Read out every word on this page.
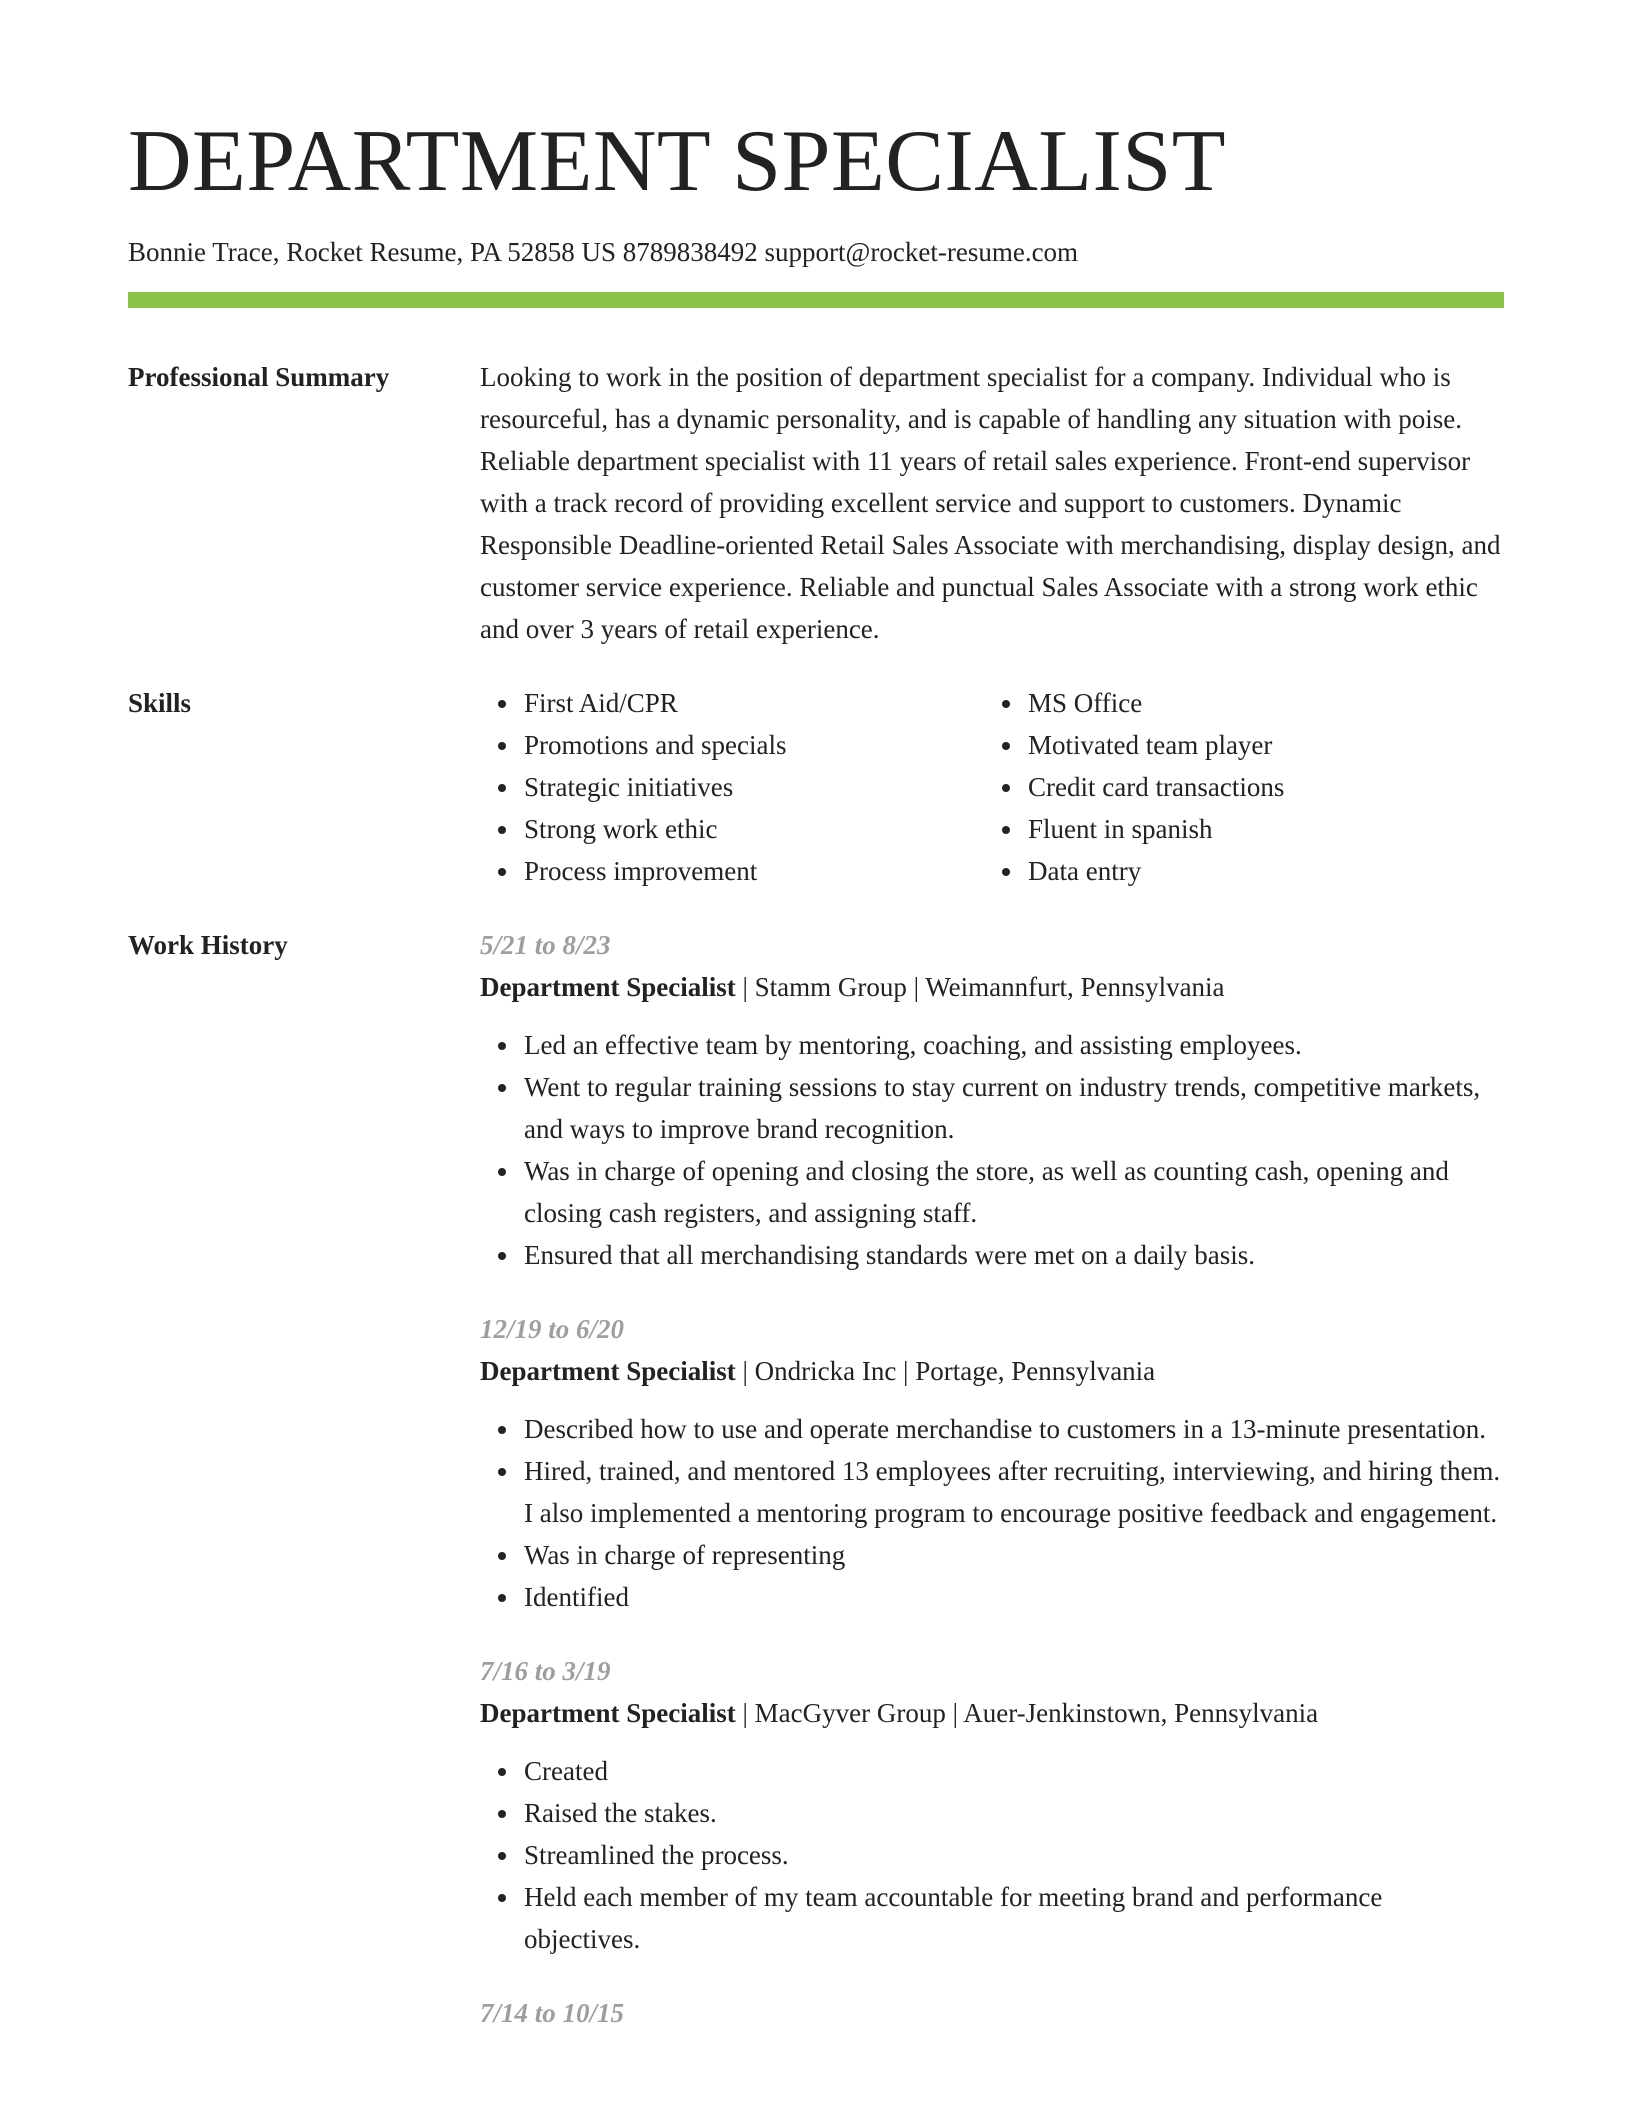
DEPARTMENT SPECIALIST
Bonnie Trace, Rocket Resume, PA 52858 US 8789838492 support@rocket-resume.com
Professional Summary	Looking to work in the position of department specialist for a company. Individual who is resourceful, has a dynamic personality, and is capable of handling any situation with poise. Reliable department specialist with 11 years of retail sales experience. Front-end supervisor with a track record of providing excellent service and support to customers. Dynamic Responsible Deadline-oriented Retail Sales Associate with merchandising, display design, and customer service experience. Reliable and punctual Sales Associate with a strong work ethic and over 3 years of retail experience.
Skills	First Aid/CPR
Promotions and specials
Strategic initiatives
Strong work ethic
Process improvement
MS Office
Motivated team player
Credit card transactions
Fluent in spanish
Data entry
Work History	5/21 to 8/23
Department Specialist | Stamm Group | Weimannfurt, Pennsylvania
Led an effective team by mentoring, coaching, and assisting employees.
Went to regular training sessions to stay current on industry trends, competitive markets, and ways to improve brand recognition.
Was in charge of opening and closing the store, as well as counting cash, opening and closing cash registers, and assigning staff.
Ensured that all merchandising standards were met on a daily basis.
12/19 to 6/20
Department Specialist | Ondricka Inc | Portage, Pennsylvania
Described how to use and operate merchandise to customers in a 13-minute presentation.
Hired, trained, and mentored 13 employees after recruiting, interviewing, and hiring them. I also implemented a mentoring program to encourage positive feedback and engagement.
Was in charge of representing
Identified
7/16 to 3/19
Department Specialist | MacGyver Group | Auer-Jenkinstown, Pennsylvania
Created
Raised the stakes.
Streamlined the process.
Held each member of my team accountable for meeting brand and performance objectives.
7/14 to 10/15
